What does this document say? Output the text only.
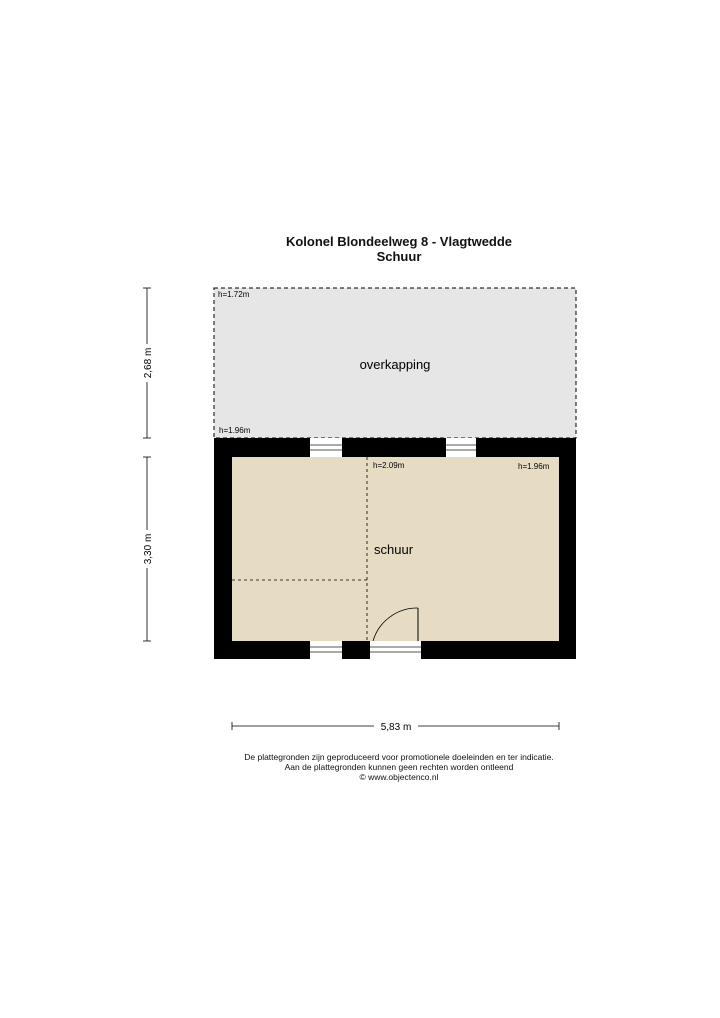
Kolonel Blondeelweg 8 - Vlagtwedde
Schuur
overkapping
h=1.72m
h=1.96m
h=2.09m	h=1.96m
schuur
2,68 m
3,30 m
5,83 m
De plattegronden zijn geproduceerd voor promotionele doeleinden en ter indicatie.
Aan de plattegronden kunnen geen rechten worden ontleend
© www.objectenco.nl
